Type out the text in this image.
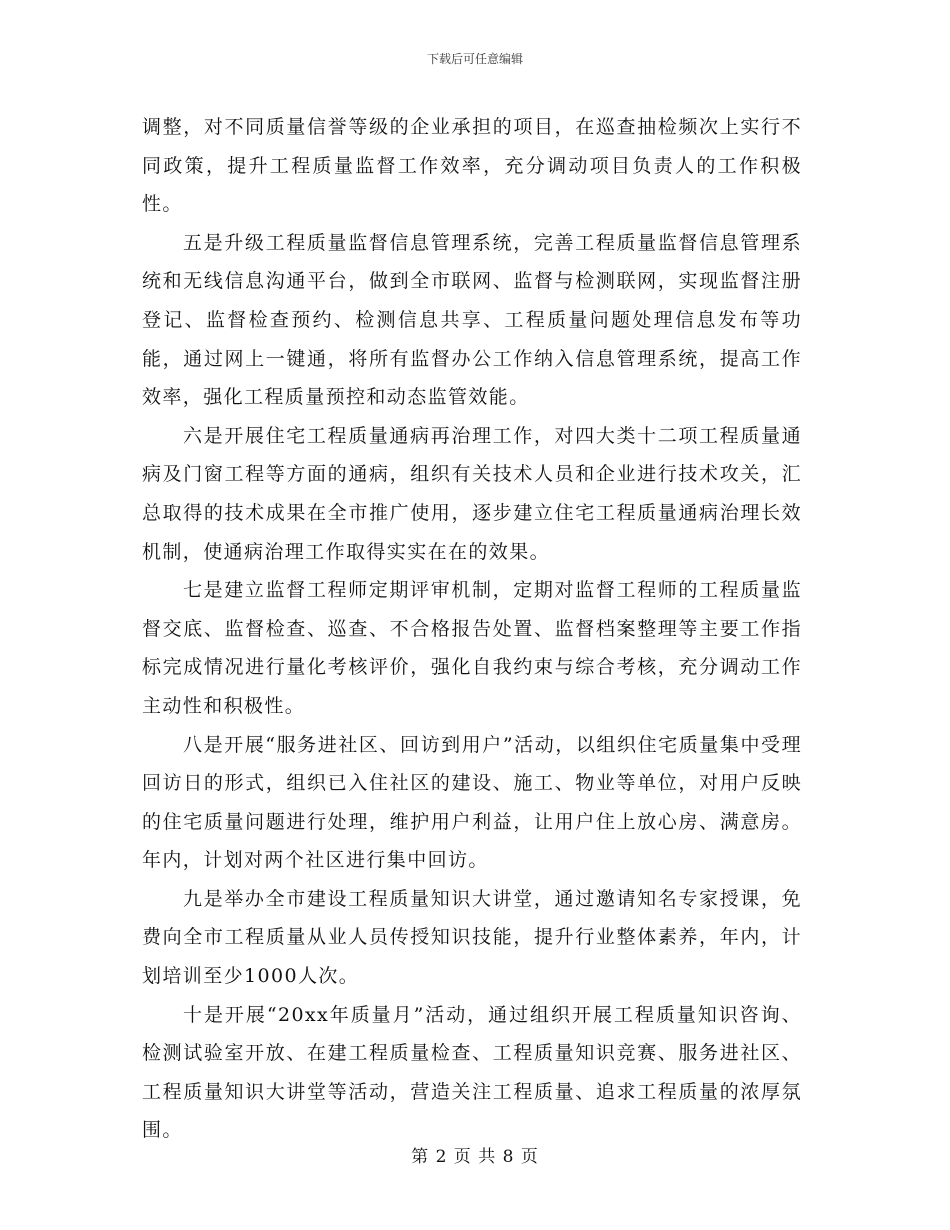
下载后可任意编辑

调整，对不同质量信誉等级的企业承担的项目，在巡查抽检频次上实行不同政策，提升工程质量监督工作效率，充分调动项目负责人的工作积极性。

五是升级工程质量监督信息管理系统，完善工程质量监督信息管理系统和无线信息沟通平台，做到全市联网、监督与检测联网，实现监督注册登记、监督检查预约、检测信息共享、工程质量问题处理信息发布等功能，通过网上一键通，将所有监督办公工作纳入信息管理系统，提高工作效率，强化工程质量预控和动态监管效能。

六是开展住宅工程质量通病再治理工作，对四大类十二项工程质量通病及门窗工程等方面的通病，组织有关技术人员和企业进行技术攻关，汇总取得的技术成果在全市推广使用，逐步建立住宅工程质量通病治理长效机制，使通病治理工作取得实实在在的效果。

七是建立监督工程师定期评审机制，定期对监督工程师的工程质量监督交底、监督检查、巡查、不合格报告处置、监督档案整理等主要工作指标完成情况进行量化考核评价，强化自我约束与综合考核，充分调动工作主动性和积极性。

八是开展“服务进社区、回访到用户”活动，以组织住宅质量集中受理回访日的形式，组织已入住社区的建设、施工、物业等单位，对用户反映的住宅质量问题进行处理，维护用户利益，让用户住上放心房、满意房。年内，计划对两个社区进行集中回访。

九是举办全市建设工程质量知识大讲堂，通过邀请知名专家授课，免费向全市工程质量从业人员传授知识技能，提升行业整体素养，年内，计划培训至少1000人次。

十是开展“20xx年质量月”活动，通过组织开展工程质量知识咨询、检测试验室开放、在建工程质量检查、工程质量知识竞赛、服务进社区、工程质量知识大讲堂等活动，营造关注工程质量、追求工程质量的浓厚氛围。

第 2 页 共 8 页
